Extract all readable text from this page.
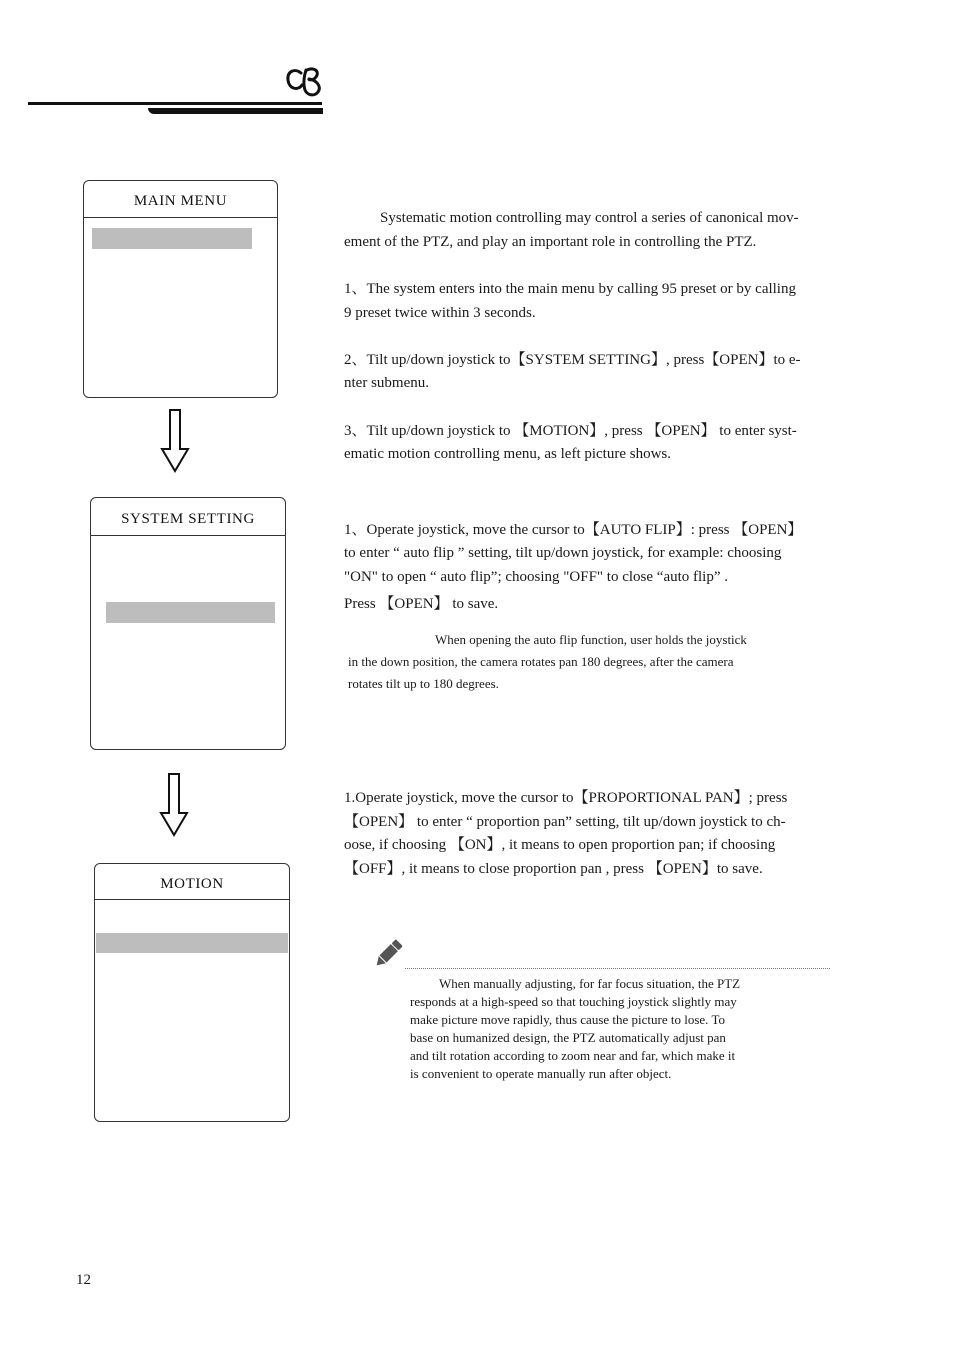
MAIN MENU
SYSTEM SETTING
MOTION
Systematic motion controlling may control a series of canonical mov-
ement of the PTZ, and play an important role in controlling the PTZ.
1、The system enters into the main menu by calling 95 preset or by calling
9 preset twice within 3 seconds.
2、Tilt up/down joystick to【SYSTEM SETTING】, press【OPEN】to e-
nter submenu.
3、Tilt up/down joystick to 【MOTION】, press 【OPEN】 to enter syst-
ematic motion controlling menu, as left picture shows.
1、Operate joystick, move the cursor to【AUTO FLIP】: press 【OPEN】
to enter “ auto flip ” setting, tilt up/down joystick, for example: choosing
"ON" to open “ auto flip”; choosing "OFF" to close “auto flip” .
Press 【OPEN】 to save.
When opening the auto flip function, user holds the joystick
in the down position, the camera rotates pan 180 degrees, after the camera
rotates tilt up to 180 degrees.
1.Operate joystick, move the cursor to【PROPORTIONAL PAN】; press
【OPEN】 to enter “ proportion pan” setting, tilt up/down joystick to ch-
oose, if choosing 【ON】, it means to open proportion pan; if choosing
【OFF】, it means to close proportion pan , press 【OPEN】to save.
When manually adjusting, for far focus situation, the PTZ
responds at a high-speed so that touching joystick slightly may
make picture move rapidly, thus cause the picture to lose. To
base on humanized design, the PTZ automatically adjust pan
and tilt rotation according to zoom near and far, which make it
is convenient to operate manually run after object.
12
